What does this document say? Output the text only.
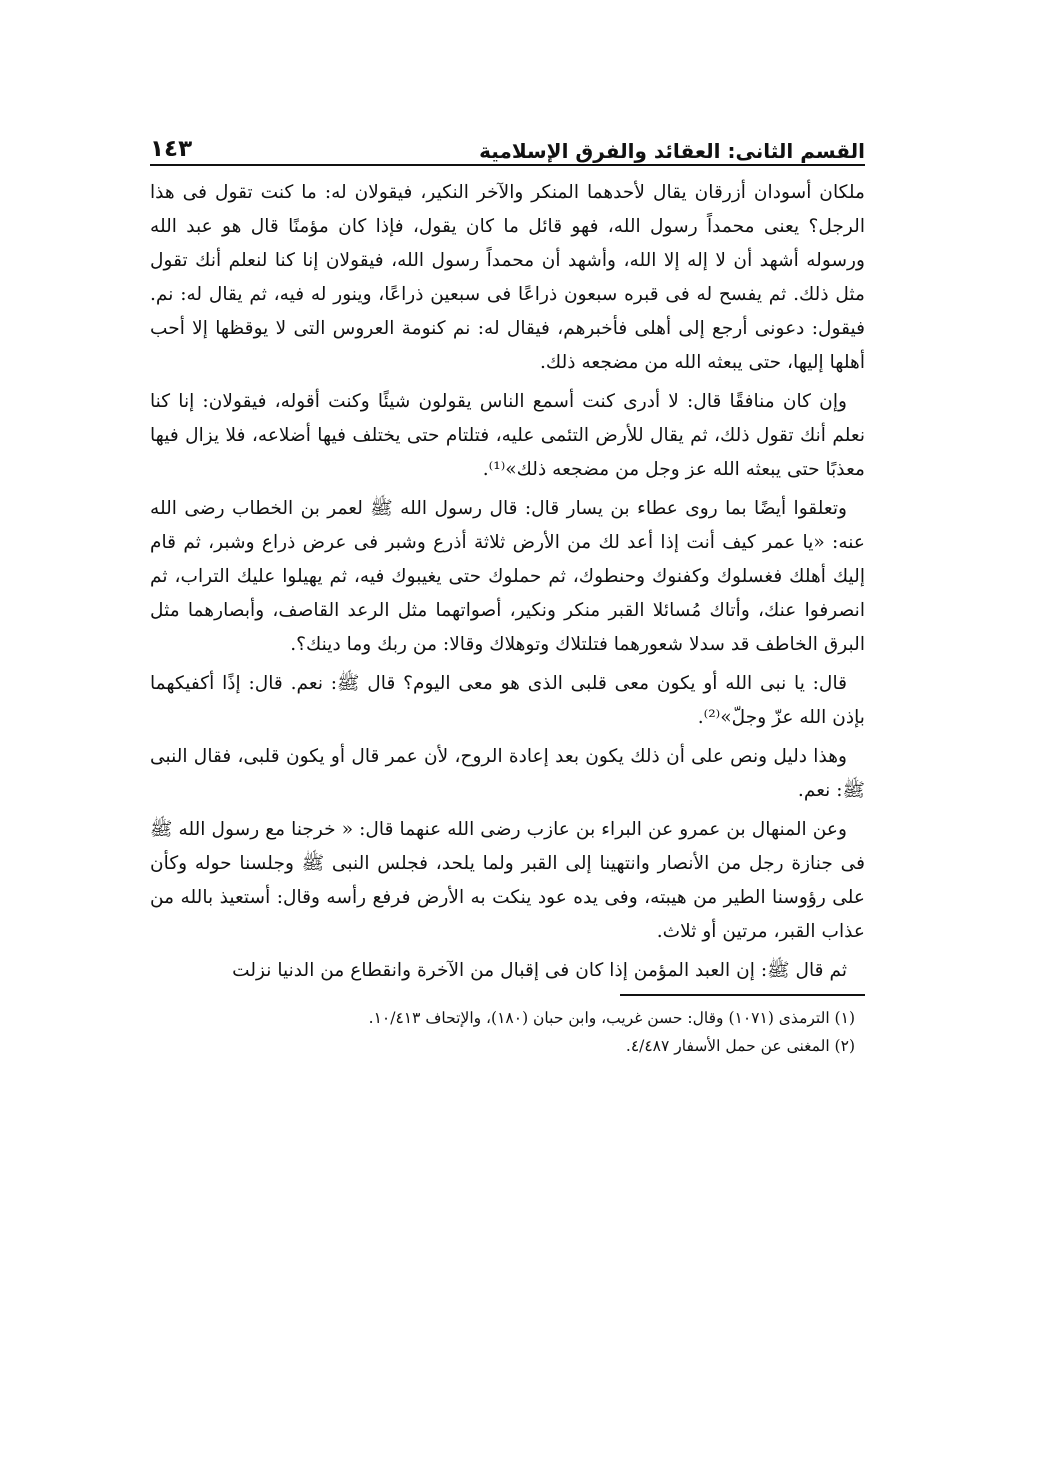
القسم الثانى: العقائد والفرق الإسلامية
١٤٣

ملكان أسودان أزرقان يقال لأحدهما المنكر والآخر النكير، فيقولان له: ما كنت تقول فى هذا الرجل؟ يعنى محمداً رسول الله، فهو قائل ما كان يقول، فإذا كان مؤمنًا قال هو عبد الله ورسوله أشهد أن لا إله إلا الله، وأشهد أن محمداً رسول الله، فيقولان إنا كنا لنعلم أنك تقول مثل ذلك. ثم يفسح له فى قبره سبعون ذراعًا فى سبعين ذراعًا، وينور له فيه، ثم يقال له: نم. فيقول: دعونى أرجع إلى أهلى فأخبرهم، فيقال له: نم كنومة العروس التى لا يوقظها إلا أحب أهلها إليها، حتى يبعثه الله من مضجعه ذلك.

وإن كان منافقًا قال: لا أدرى كنت أسمع الناس يقولون شيئًا وكنت أقوله، فيقولان: إنا كنا نعلم أنك تقول ذلك، ثم يقال للأرض التئمى عليه، فتلتام حتى يختلف فيها أضلاعه، فلا يزال فيها معذبًا حتى يبعثه الله عز وجل من مضجعه ذلك»⁽¹⁾.

وتعلقوا أيضًا بما روى عطاء بن يسار قال: قال رسول الله ﷺ لعمر بن الخطاب رضى الله عنه: «يا عمر كيف أنت إذا أعد لك من الأرض ثلاثة أذرع وشبر فى عرض ذراع وشبر، ثم قام إليك أهلك فغسلوك وكفنوك وحنطوك، ثم حملوك حتى يغيبوك فيه، ثم يهيلوا عليك التراب، ثم انصرفوا عنك، وأتاك مُسائلا القبر منكر ونكير، أصواتهما مثل الرعد القاصف، وأبصارهما مثل البرق الخاطف قد سدلا شعورهما فتلتلاك وتوهلاك وقالا: من ربك وما دينك؟.

قال: يا نبى الله أو يكون معى قلبى الذى هو معى اليوم؟ قال ﷺ: نعم. قال: إذًا أكفيكهما بإذن الله عزّ وجلّ»⁽²⁾.

وهذا دليل ونص على أن ذلك يكون بعد إعادة الروح، لأن عمر قال أو يكون قلبى، فقال النبى ﷺ: نعم.

وعن المنهال بن عمرو عن البراء بن عازب رضى الله عنهما قال: « خرجنا مع رسول الله ﷺ فى جنازة رجل من الأنصار وانتهينا إلى القبر ولما يلحد، فجلس النبى ﷺ وجلسنا حوله وكأن على رؤوسنا الطير من هيبته، وفى يده عود ينكت به الأرض فرفع رأسه وقال: أستعيذ بالله من عذاب القبر، مرتين أو ثلاث.

ثم قال ﷺ: إن العبد المؤمن إذا كان فى إقبال من الآخرة وانقطاع من الدنيا نزلت

(١) الترمذى (١٠٧١) وقال: حسن غريب، وابن حبان (١٨٠)، والإتحاف ١٠/٤١٣.

(٢) المغنى عن حمل الأسفار ٤/٤٨٧.
